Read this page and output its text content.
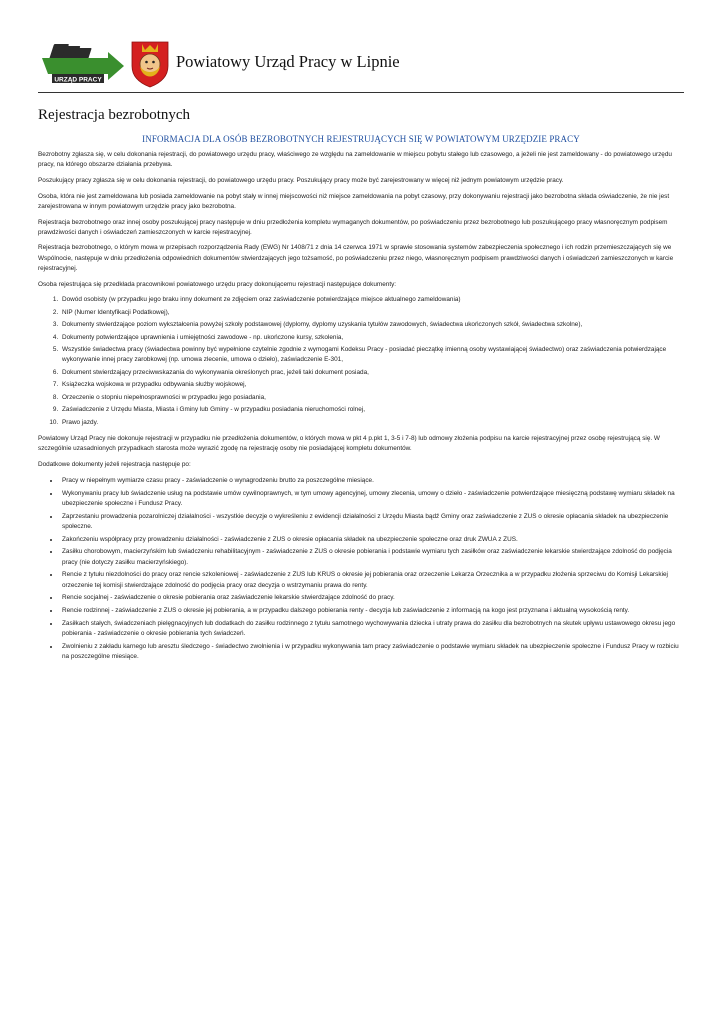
URZĄD PRACY
Powiatowy Urząd Pracy w Lipnie
Rejestracja bezrobotnych
INFORMACJA DLA OSÓB BEZROBOTNYCH REJESTRUJĄCYCH SIĘ W POWIATOWYM URZĘDZIE PRACY

Bezrobotny zgłasza się, w celu dokonania rejestracji, do powiatowego urzędu pracy, właściwego ze względu na zameldowanie w miejscu pobytu stałego lub czasowego, a jeżeli nie jest zameldowany - do powiatowego urzędu pracy, na którego obszarze działania przebywa.

Poszukujący pracy zgłasza się w celu dokonania rejestracji, do powiatowego urzędu pracy. Poszukujący pracy może być zarejestrowany w więcej niż jednym powiatowym urzędzie pracy.

Osoba, która nie jest zameldowana lub posiada zameldowanie na pobyt stały w innej miejscowości niż miejsce zameldowania na pobyt czasowy, przy dokonywaniu rejestracji jako bezrobotna składa oświadczenie, że nie jest zarejestrowana w innym powiatowym urzędzie pracy jako bezrobotna.

Rejestracja bezrobotnego oraz innej osoby poszukującej pracy następuje w dniu przedłożenia kompletu wymaganych dokumentów, po poświadczeniu przez bezrobotnego lub poszukującego pracy własnoręcznym podpisem prawdziwości danych i oświadczeń zamieszczonych w karcie rejestracyjnej.

Rejestracja bezrobotnego, o którym mowa w przepisach rozporządzenia Rady (EWG) Nr 1408/71 z dnia 14 czerwca 1971 w sprawie stosowania systemów zabezpieczenia społecznego i ich rodzin przemieszczających się we Wspólnocie, następuje w dniu przedłożenia odpowiednich dokumentów stwierdzających jego tożsamość, po poświadczeniu przez niego, własnoręcznym podpisem prawdziwości danych i oświadczeń zamieszczonych w karcie rejestracyjnej.

Osoba rejestrująca się przedkłada pracownikowi powiatowego urzędu pracy dokonującemu rejestracji następujące dokumenty:

1. Dowód osobisty (w przypadku jego braku inny dokument ze zdjęciem oraz zaświadczenie potwierdzające miejsce aktualnego zameldowania)
2. NIP (Numer Identyfikacji Podatkowej),
3. Dokumenty stwierdzające poziom wykształcenia powyżej szkoły podstawowej (dyplomy, dyplomy uzyskania tytułów zawodowych, świadectwa ukończonych szkół, świadectwa szkolne),
4. Dokumenty potwierdzające uprawnienia i umiejętności zawodowe - np. ukończone kursy, szkolenia,
5. Wszystkie świadectwa pracy (świadectwa powinny być wypełnione czytelnie zgodnie z wymogami Kodeksu Pracy - posiadać pieczątkę imienną osoby wystawiającej świadectwo) oraz zaświadczenia potwierdzające wykonywanie innej pracy zarobkowej (np. umowa zlecenie, umowa o dzieło), zaświadczenie E-301,
6. Dokument stwierdzający przeciwwskazania do wykonywania określonych prac, jeżeli taki dokument posiada,
7. Książeczka wojskowa w przypadku odbywania służby wojskowej,
8. Orzeczenie o stopniu niepełnosprawności w przypadku jego posiadania,
9. Zaświadczenie z Urzędu Miasta, Miasta i Gminy lub Gminy - w przypadku posiadania nieruchomości rolnej,
10. Prawo jazdy.

Powiatowy Urząd Pracy nie dokonuje rejestracji w przypadku nie przedłożenia dokumentów, o których mowa w pkt 4 p.pkt 1, 3-5 i 7-8) lub odmowy złożenia podpisu na karcie rejestracyjnej przez osobę rejestrującą się. W szczególnie uzasadnionych przypadkach starosta może wyrazić zgodę na rejestrację osoby nie posiadającej kompletu dokumentów.

Dodatkowe dokumenty jeżeli rejestracja następuje po:

• Pracy w niepełnym wymiarze czasu pracy - zaświadczenie o wynagrodzeniu brutto za poszczególne miesiące.
• Wykonywaniu pracy lub świadczenie usług na podstawie umów cywilnoprawnych, w tym umowy agencyjnej, umowy zlecenia, umowy o dzieło - zaświadczenie potwierdzające miesięczną podstawę wymiaru składek na ubezpieczenie społeczne i Fundusz Pracy.
• Zaprzestaniu prowadzenia pozarolniczej działalności - wszystkie decyzje o wykreśleniu z ewidencji działalności z Urzędu Miasta bądź Gminy oraz zaświadczenie z ZUS o okresie opłacania składek na ubezpieczenie społeczne.
• Zakończeniu współpracy przy prowadzeniu działalności - zaświadczenie z ZUS o okresie opłacania składek na ubezpieczenie społeczne oraz druk ZWUA z ZUS.
• Zasiłku chorobowym, macierzyńskim lub świadczeniu rehabilitacyjnym - zaświadczenie z ZUS o okresie pobierania i podstawie wymiaru tych zasiłków oraz zaświadczenie lekarskie stwierdzające zdolność do podjęcia pracy (nie dotyczy zasiłku macierzyńskiego).
• Rencie z tytułu niezdolności do pracy oraz rencie szkoleniowej - zaświadczenie z ZUS lub KRUS o okresie jej pobierania oraz orzeczenie Lekarza Orzecznika a w przypadku złożenia sprzeciwu do Komisji Lekarskiej orzeczenie tej komisji stwierdzające zdolność do podjęcia pracy oraz decyzja o wstrzymaniu prawa do renty.
• Rencie socjalnej - zaświadczenie o okresie pobierania oraz zaświadczenie lekarskie stwierdzające zdolność do pracy.
• Rencie rodzinnej - zaświadczenie z ZUS o okresie jej pobierania, a w przypadku dalszego pobierania renty - decyzja lub zaświadczenie z informacją na kogo jest przyznana i aktualną wysokością renty.
• Zasiłkach stałych, świadczeniach pielęgnacyjnych lub dodatkach do zasiłku rodzinnego z tytułu samotnego wychowywania dziecka i utraty prawa do zasiłku dla bezrobotnych na skutek upływu ustawowego okresu jego pobierania - zaświadczenie o okresie pobierania tych świadczeń.
• Zwolnieniu z zakładu karnego lub aresztu śledczego - świadectwo zwolnienia i w przypadku wykonywania tam pracy zaświadczenie o podstawie wymiaru składek na ubezpieczenie społeczne i Fundusz Pracy w rozbiciu na poszczególne miesiące.
